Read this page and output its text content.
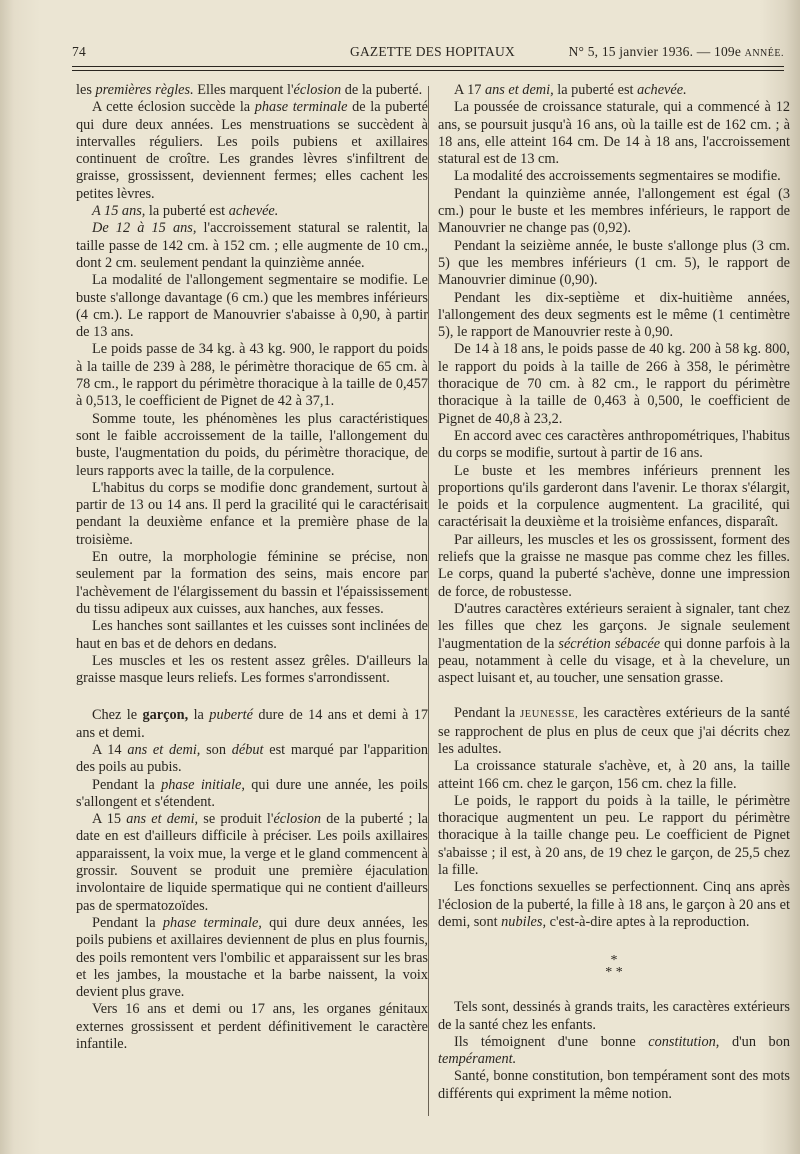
74	GAZETTE DES HOPITAUX	N° 5, 15 janvier 1936. — 109e ANNÉE.

les premières règles. Elles marquent l'éclosion de la puberté.

A cette éclosion succède la phase terminale de la puberté qui dure deux années. Les menstruations se succèdent à intervalles réguliers. Les poils pubiens et axillaires continuent de croître. Les grandes lèvres s'infiltrent de graisse, grossissent, deviennent fermes; elles cachent les petites lèvres.

A 15 ans, la puberté est achevée.

De 12 à 15 ans, l'accroissement statural se ralentit, la taille passe de 142 cm. à 152 cm. ; elle augmente de 10 cm., dont 2 cm. seulement pendant la quinzième année.

La modalité de l'allongement segmentaire se modifie. Le buste s'allonge davantage (6 cm.) que les membres inférieurs (4 cm.). Le rapport de Manouvrier s'abaisse à 0,90, à partir de 13 ans.

Le poids passe de 34 kg. à 43 kg. 900, le rapport du poids à la taille de 239 à 288, le périmètre thoracique de 65 cm. à 78 cm., le rapport du périmètre thoracique à la taille de 0,457 à 0,513, le coefficient de Pignet de 42 à 37,1.

Somme toute, les phénomènes les plus caractéristiques sont le faible accroissement de la taille, l'allongement du buste, l'augmentation du poids, du périmètre thoracique, de leurs rapports avec la taille, de la corpulence.

L'habitus du corps se modifie donc grandement, surtout à partir de 13 ou 14 ans. Il perd la gracilité qui le caractérisait pendant la deuxième enfance et la première phase de la troisième.

En outre, la morphologie féminine se précise, non seulement par la formation des seins, mais encore par l'achèvement de l'élargissement du bassin et l'épaississement du tissu adipeux aux cuisses, aux hanches, aux fesses.

Les hanches sont saillantes et les cuisses sont inclinées de haut en bas et de dehors en dedans.

Les muscles et les os restent assez grêles. D'ailleurs la graisse masque leurs reliefs. Les formes s'arrondissent.

Chez le garçon, la puberté dure de 14 ans et demi à 17 ans et demi.

A 14 ans et demi, son début est marqué par l'apparition des poils au pubis.

Pendant la phase initiale, qui dure une année, les poils s'allongent et s'étendent.

A 15 ans et demi, se produit l'éclosion de la puberté ; la date en est d'ailleurs difficile à préciser. Les poils axillaires apparaissent, la voix mue, la verge et le gland commencent à grossir. Souvent se produit une première éjaculation involontaire de liquide spermatique qui ne contient d'ailleurs pas de spermatozoïdes.

Pendant la phase terminale, qui dure deux années, les poils pubiens et axillaires deviennent de plus en plus fournis, des poils remontent vers l'ombilic et apparaissent sur les bras et les jambes, la moustache et la barbe naissent, la voix devient plus grave.

Vers 16 ans et demi ou 17 ans, les organes génitaux externes grossissent et perdent définitivement le caractère infantile.

A 17 ans et demi, la puberté est achevée.

La poussée de croissance staturale, qui a commencé à 12 ans, se poursuit jusqu'à 16 ans, où la taille est de 162 cm. ; à 18 ans, elle atteint 164 cm. De 14 à 18 ans, l'accroissement statural est de 13 cm.

La modalité des accroissements segmentaires se modifie.

Pendant la quinzième année, l'allongement est égal (3 cm.) pour le buste et les membres inférieurs, le rapport de Manouvrier ne change pas (0,92).

Pendant la seizième année, le buste s'allonge plus (3 cm. 5) que les membres inférieurs (1 cm. 5), le rapport de Manouvrier diminue (0,90).

Pendant les dix-septième et dix-huitième années, l'allongement des deux segments est le même (1 centimètre 5), le rapport de Manouvrier reste à 0,90.

De 14 à 18 ans, le poids passe de 40 kg. 200 à 58 kg. 800, le rapport du poids à la taille de 266 à 358, le périmètre thoracique de 70 cm. à 82 cm., le rapport du périmètre thoracique à la taille de 0,463 à 0,500, le coefficient de Pignet de 40,8 à 23,2.

En accord avec ces caractères anthropométriques, l'habitus du corps se modifie, surtout à partir de 16 ans.

Le buste et les membres inférieurs prennent les proportions qu'ils garderont dans l'avenir. Le thorax s'élargit, le poids et la corpulence augmentent. La gracilité, qui caractérisait la deuxième et la troisième enfances, disparaît.

Par ailleurs, les muscles et les os grossissent, forment des reliefs que la graisse ne masque pas comme chez les filles. Le corps, quand la puberté s'achève, donne une impression de force, de robustesse.

D'autres caractères extérieurs seraient à signaler, tant chez les filles que chez les garçons. Je signale seulement l'augmentation de la sécrétion sébacée qui donne parfois à la peau, notamment à celle du visage, et à la chevelure, un aspect luisant et, au toucher, une sensation grasse.

Pendant la JEUNESSE, les caractères extérieurs de la santé se rapprochent de plus en plus de ceux que j'ai décrits chez les adultes.

La croissance staturale s'achève, et, à 20 ans, la taille atteint 166 cm. chez le garçon, 156 cm. chez la fille.

Le poids, le rapport du poids à la taille, le périmètre thoracique augmentent un peu. Le rapport du périmètre thoracique à la taille change peu. Le coefficient de Pignet s'abaisse ; il est, à 20 ans, de 19 chez le garçon, de 25,5 chez la fille.

Les fonctions sexuelles se perfectionnent. Cinq ans après l'éclosion de la puberté, la fille à 18 ans, le garçon à 20 ans et demi, sont nubiles, c'est-à-dire aptes à la reproduction.

*
* *

Tels sont, dessinés à grands traits, les caractères extérieurs de la santé chez les enfants.

Ils témoignent d'une bonne constitution, d'un bon tempérament.

Santé, bonne constitution, bon tempérament sont des mots différents qui expriment la même notion.
